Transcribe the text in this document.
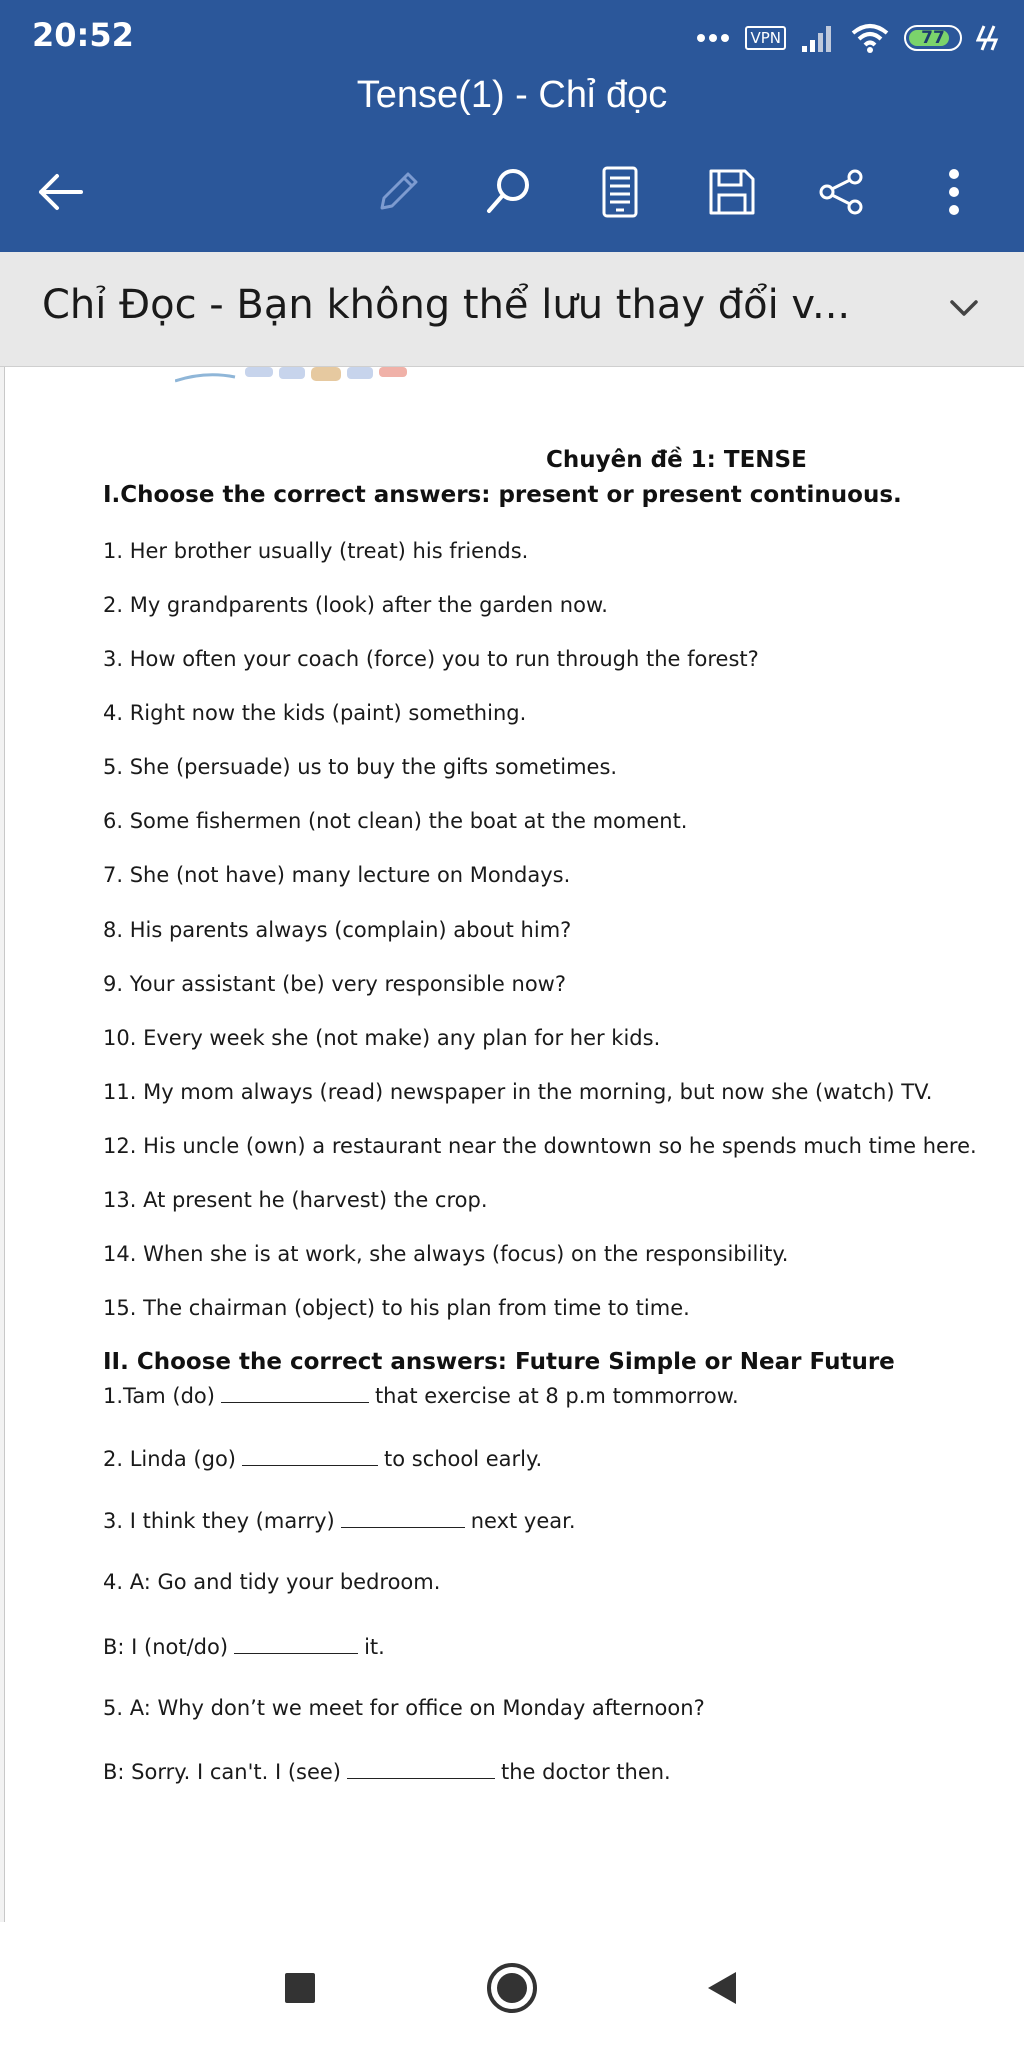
20:52	VPN	77
Tense(1) - Chỉ đọc
Chỉ Đọc - Bạn không thể lưu thay đổi v...
Chuyên đề 1: TENSE
I.Choose the correct answers: present or present continuous.
1. Her brother usually (treat) his friends.
2. My grandparents (look) after the garden now.
3. How often your coach (force) you to run through the forest?
4. Right now the kids (paint) something.
5. She (persuade) us to buy the gifts sometimes.
6. Some fishermen (not clean) the boat at the moment.
7. She (not have) many lecture on Mondays.
8. His parents always (complain) about him?
9. Your assistant (be) very responsible now?
10. Every week she (not make) any plan for her kids.
11. My mom always (read) newspaper in the morning, but now she (watch) TV.
12. His uncle (own) a restaurant near the downtown so he spends much time here.
13. At present he (harvest) the crop.
14. When she is at work, she always (focus) on the responsibility.
15. The chairman (object) to his plan from time to time.
II. Choose the correct answers: Future Simple or Near Future
1.Tam (do)	that exercise at 8 p.m tommorrow.
2. Linda (go)	to school early.
3. I think they (marry)	next year.
4. A: Go and tidy your bedroom.
B: I (not/do)	it.
5. A: Why don’t we meet for office on Monday afternoon?
B: Sorry. I can't. I (see)	the doctor then.
